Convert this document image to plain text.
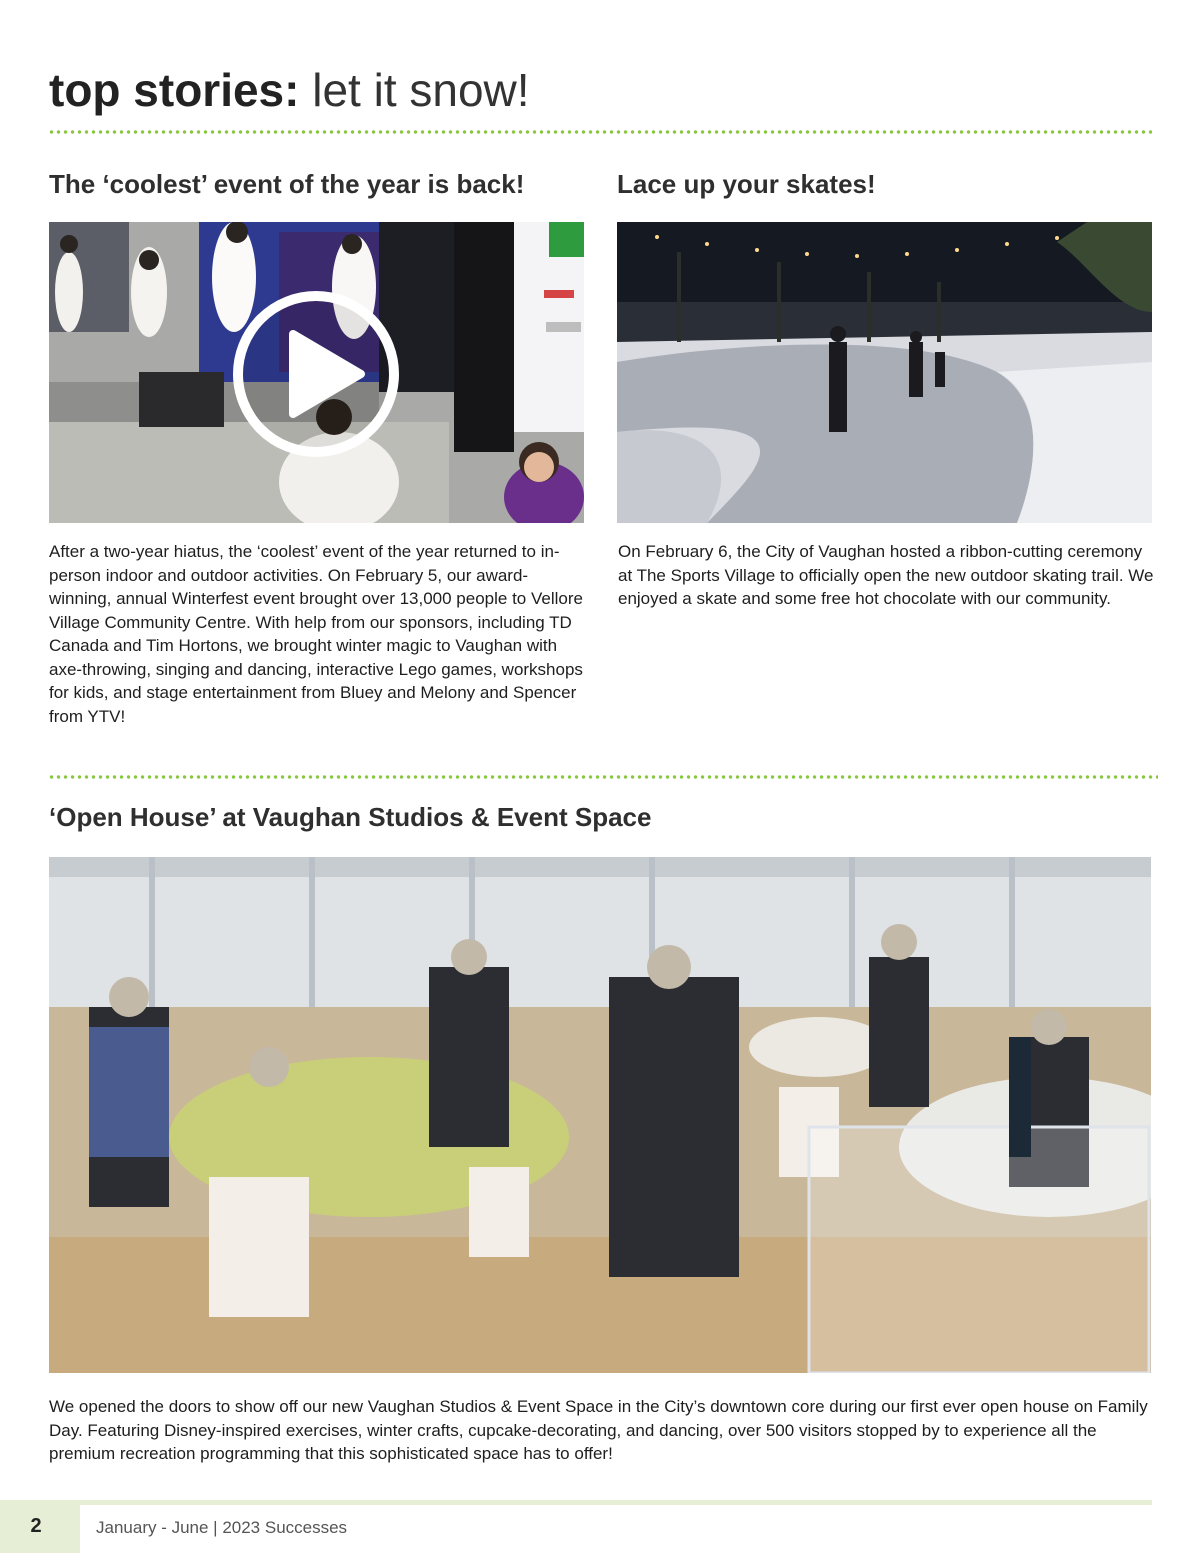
top stories: let it snow!
The ‘coolest’ event of the year is back!

After a two-year hiatus, the ‘coolest’ event of the year returned to in-person indoor and outdoor activities. On February 5, our award-winning, annual Winterfest event brought over 13,000 people to Vellore Village Community Centre. With help from our sponsors, including TD Canada and Tim Hortons, we brought winter magic to Vaughan with axe-throwing, singing and dancing, interactive Lego games, workshops for kids, and stage entertainment from Bluey and Melony and Spencer from YTV!

Lace up your skates!

On February 6, the City of Vaughan hosted a ribbon-cutting ceremony at The Sports Village to officially open the new outdoor skating trail. We enjoyed a skate and some free hot chocolate with our community.

‘Open House’ at Vaughan Studios & Event Space

We opened the doors to show off our new Vaughan Studios & Event Space in the City’s downtown core during our first ever open house on Family Day. Featuring Disney-inspired exercises, winter crafts, cupcake-decorating, and dancing, over 500 visitors stopped by to experience all the premium recreation programming that this sophisticated space has to offer!

2	January - June | 2023 Successes
